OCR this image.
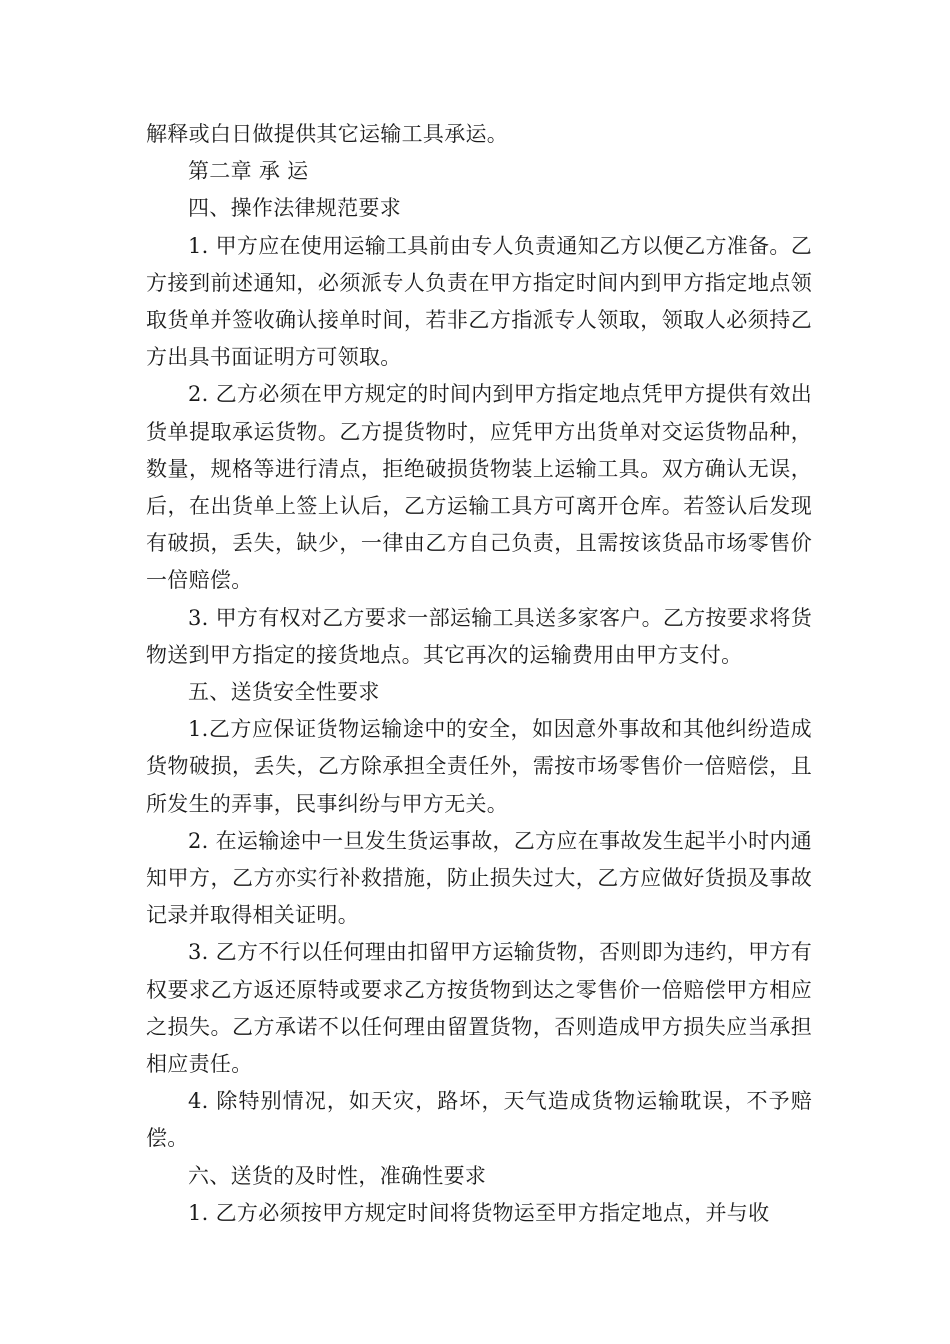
解释或白日做提供其它运输工具承运。

第二章 承 运

四、操作法律规范要求

1. 甲方应在使用运输工具前由专人负责通知乙方以便乙方准备。乙方接到前述通知，必须派专人负责在甲方指定时间内到甲方指定地点领取货单并签收确认接单时间，若非乙方指派专人领取，领取人必须持乙方出具书面证明方可领取。

2. 乙方必须在甲方规定的时间内到甲方指定地点凭甲方提供有效出货单提取承运货物。乙方提货物时，应凭甲方出货单对交运货物品种，数量，规格等进行清点，拒绝破损货物装上运输工具。双方确认无误，后，在出货单上签上认后，乙方运输工具方可离开仓库。若签认后发现有破损，丢失，缺少，一律由乙方自己负责，且需按该货品市场零售价一倍赔偿。

3. 甲方有权对乙方要求一部运输工具送多家客户。乙方按要求将货物送到甲方指定的接货地点。其它再次的运输费用由甲方支付。

五、送货安全性要求

1.乙方应保证货物运输途中的安全，如因意外事故和其他纠纷造成货物破损，丢失，乙方除承担全责任外，需按市场零售价一倍赔偿，且所发生的弄事，民事纠纷与甲方无关。

2. 在运输途中一旦发生货运事故，乙方应在事故发生起半小时内通知甲方，乙方亦实行补救措施，防止损失过大，乙方应做好货损及事故记录并取得相关证明。

3. 乙方不行以任何理由扣留甲方运输货物，否则即为违约，甲方有权要求乙方返还原特或要求乙方按货物到达之零售价一倍赔偿甲方相应之损失。乙方承诺不以任何理由留置货物，否则造成甲方损失应当承担相应责任。

4. 除特别情况，如天灾，路坏，天气造成货物运输耽误，不予赔偿。

六、送货的及时性，准确性要求

1. 乙方必须按甲方规定时间将货物运至甲方指定地点，并与收
